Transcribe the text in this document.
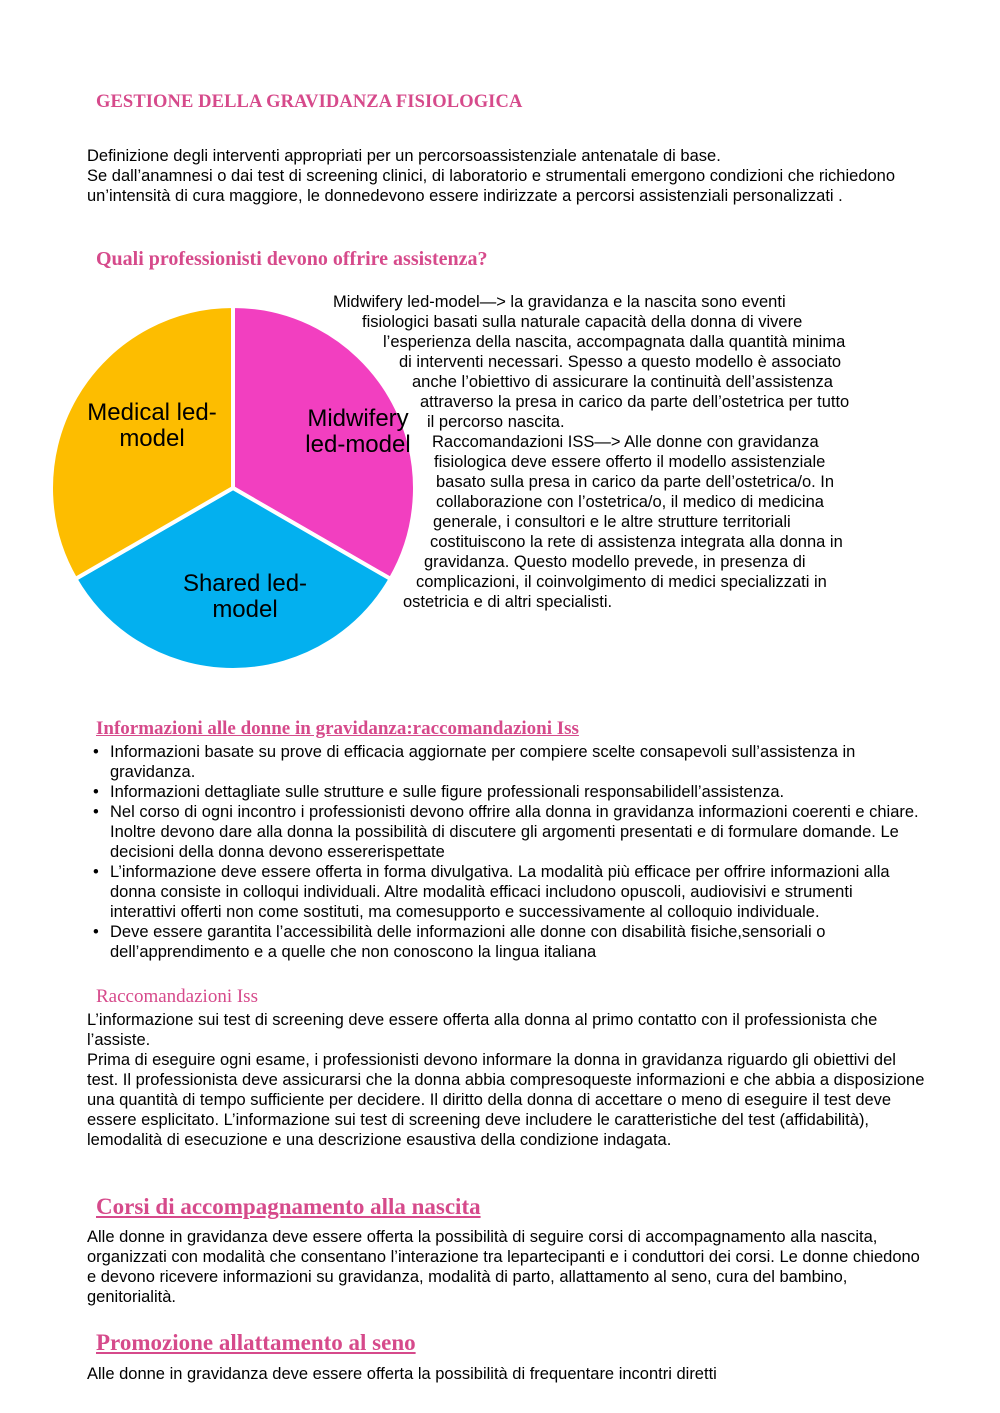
GESTIONE DELLA GRAVIDANZA FISIOLOGICA
Definizione degli interventi appropriati per un percorsoassistenziale antenatale di base.
Se dall’anamnesi o dai test di screening clinici, di laboratorio e strumentali emergono condizioni che richiedono un’intensità di cura maggiore, le donnedevono essere indirizzate a percorsi assistenziali personalizzati .
Quali professionisti devono offrire assistenza?
Midwifery led-model
Shared led-model
Medical led-model
Midwifery led-model—> la gravidanza e la nascita sono eventi
fisiologici basati sulla naturale capacità della donna di vivere
l’esperienza della nascita, accompagnata dalla quantità minima
di interventi necessari. Spesso a questo modello è associato
anche l’obiettivo di assicurare la continuità dell’assistenza
attraverso la presa in carico da parte dell’ostetrica per tutto
il percorso nascita.
Raccomandazioni ISS—> Alle donne con gravidanza
fisiologica deve essere offerto il modello assistenziale
basato sulla presa in carico da parte dell’ostetrica/o. In
collaborazione con l’ostetrica/o, il medico di medicina
generale, i consultori e le altre strutture territoriali
costituiscono la rete di assistenza integrata alla donna in
gravidanza. Questo modello prevede, in presenza di
complicazioni, il coinvolgimento di medici specializzati in
ostetricia e di altri specialisti.
Informazioni alle donne in gravidanza:raccomandazioni Iss
• Informazioni basate su prove di efficacia aggiornate per compiere scelte consapevoli sull’assistenza in gravidanza.
• Informazioni dettagliate sulle strutture e sulle figure professionali responsabilidell’assistenza.
• Nel corso di ogni incontro i professionisti devono offrire alla donna in gravidanza informazioni coerenti e chiare. Inoltre devono dare alla donna la possibilità di discutere gli argomenti presentati e di formulare domande. Le decisioni della donna devono essererispettate
• L’informazione deve essere offerta in forma divulgativa. La modalità più efficace per offrire informazioni alla donna consiste in colloqui individuali. Altre modalità efficaci includono opuscoli, audiovisivi e strumenti interattivi offerti non come sostituti, ma comesupporto e successivamente al colloquio individuale.
• Deve essere garantita l’accessibilità delle informazioni alle donne con disabilità fisiche,sensoriali o dell’apprendimento e a quelle che non conoscono la lingua italiana
Raccomandazioni Iss
L’informazione sui test di screening deve essere offerta alla donna al primo contatto con il professionista che l’assiste.
Prima di eseguire ogni esame, i professionisti devono informare la donna in gravidanza riguardo gli obiettivi del test. Il professionista deve assicurarsi che la donna abbia compresoqueste informazioni e che abbia a disposizione una quantità di tempo sufficiente per decidere. Il diritto della donna di accettare o meno di eseguire il test deve essere esplicitato. L’informazione sui test di screening deve includere le caratteristiche del test (affidabilità), lemodalità di esecuzione e una descrizione esaustiva della condizione indagata.
Corsi di accompagnamento alla nascita
Alle donne in gravidanza deve essere offerta la possibilità di seguire corsi di accompagnamento alla nascita, organizzati con modalità che consentano l’interazione tra lepartecipanti e i conduttori dei corsi. Le donne chiedono e devono ricevere informazioni su gravidanza, modalità di parto, allattamento al seno, cura del bambino, genitorialità.
Promozione allattamento al seno
Alle donne in gravidanza deve essere offerta la possibilità di frequentare incontri diretti
